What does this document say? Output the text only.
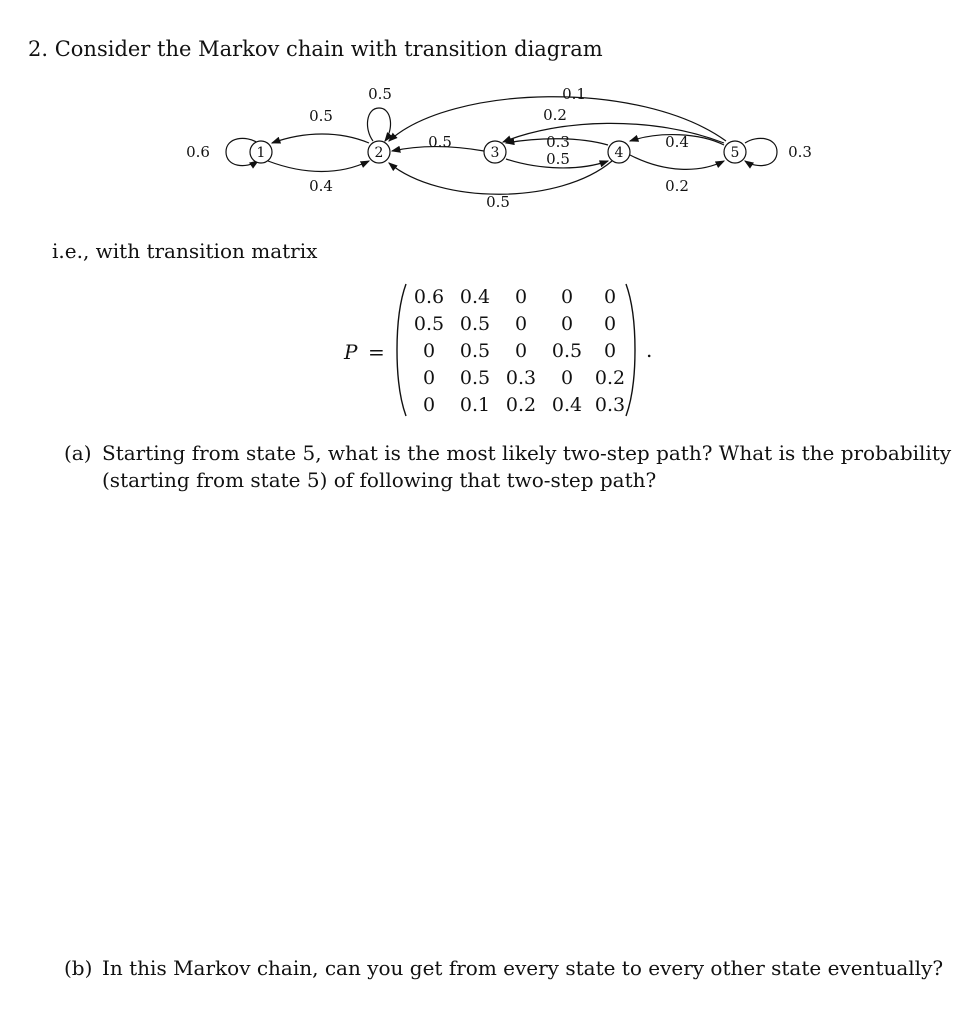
2. Consider the Markov chain with transition diagram
1	2	3	4	5
0.6
0.5
0.3
0.5
0.4
0.5
0.1
0.2
0.3
0.5
0.5
0.4
0.2
i.e., with transition matrix
P =
0.6 0.4	0	0	0
0.5 0.5	0	0	0
0	0.5	0	0.5	0
0	0.5 0.3	0	0.2
0	0.1 0.2 0.4 0.3
.
(a) Starting from state 5, what is the most likely two-step path? What is the probability (starting from state 5) of following that two-step path?
(b) In this Markov chain, can you get from every state to every other state eventually?
